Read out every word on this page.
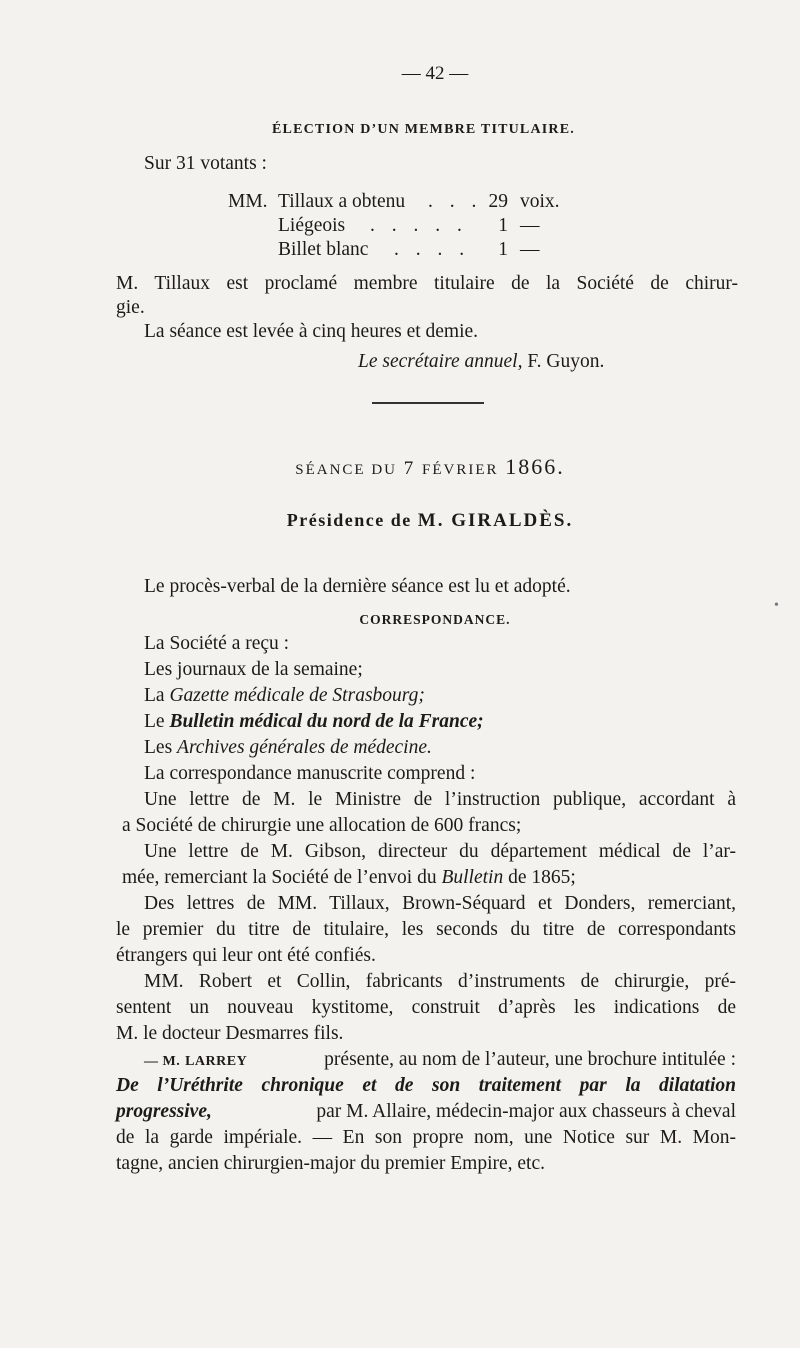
— 42 —
ÉLECTION D’UN MEMBRE TITULAIRE.
Sur 31 votants :
MM. Tillaux a obtenu . . . 29 voix.
Liégeois . . . . .	1 —
Billet blanc . . . .	1 —
M. Tillaux est proclamé membre titulaire de la Société de chirur-
gie.
La séance est levée à cinq heures et demie.
Le secrétaire annuel, F. Guyon.
SÉANCE DU 7 FÉVRIER 1866.
Présidence de M. GIRALDÈS.
Le procès-verbal de la dernière séance est lu et adopté.
CORRESPONDANCE.
La Société a reçu :
Les journaux de la semaine;
La Gazette médicale de Strasbourg;
Le Bulletin médical du nord de la France;
Les Archives générales de médecine.
La correspondance manuscrite comprend :
Une lettre de M. le Ministre de l’instruction publique, accordant à
a Société de chirurgie une allocation de 600 francs;
Une lettre de M. Gibson, directeur du département médical de l’ar-
mée, remerciant la Société de l’envoi du Bulletin de 1865;
Des lettres de MM. Tillaux, Brown-Séquard et Donders, remerciant,
le premier du titre de titulaire, les seconds du titre de correspondants
étrangers qui leur ont été confiés.
MM. Robert et Collin, fabricants d’instruments de chirurgie, pré-
sentent un nouveau kystitome, construit d’après les indications de
M. le docteur Desmarres fils.
— M. LARREY	présente, au nom de l’auteur, une brochure intitulée :
De l’Uréthrite chronique et de son traitement par la dilatation
progressive,	par M. Allaire, médecin-major aux chasseurs à cheval
de la garde impériale. — En son propre nom, une Notice sur M. Mon-
tagne, ancien chirurgien-major du premier Empire, etc.
•
